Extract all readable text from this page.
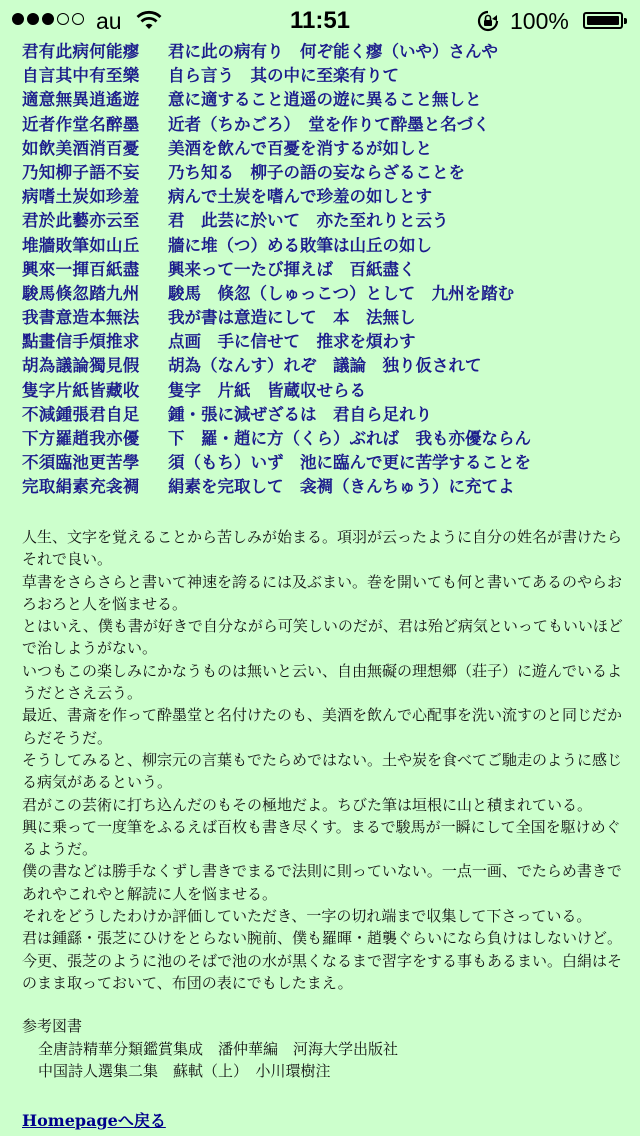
au	11:51	100%
君有此病何能瘳 君に此の病有り　何ぞ能く瘳（いや）さんや
自言其中有至樂 自ら言う　其の中に至楽有りて
適意無異逍遙遊 意に適すること逍遥の遊に異ること無しと
近者作堂名醉墨 近者（ちかごろ）　堂を作りて酔墨と名づく
如飲美酒消百憂 美酒を飲んで百憂を消するが如しと
乃知柳子語不妄 乃ち知る　柳子の語の妄ならざることを
病嗜土炭如珍羞 病んで土炭を嗜んで珍羞の如しとす
君於此藝亦云至 君　此芸に於いて　亦た至れりと云う
堆牆敗筆如山丘 牆に堆（つ）める敗筆は山丘の如し
興來一揮百紙盡 興来って一たび揮えば　百紙盡く
駿馬倏忽踏九州 駿馬　倏忽（しゅっこつ）として　九州を踏む
我書意造本無法 我が書は意造にして　本　法無し
點畫信手煩推求 点画　手に信せて　推求を煩わす
胡為議論獨見假 胡為（なんす）れぞ　議論　独り仮されて
隻字片紙皆藏收 隻字　片紙　皆蔵収せらる
不減鍾張君自足 鍾・張に減ぜざるは　君自ら足れり
下方羅趙我亦優 下　羅・趙に方（くら）ぶれば　我も亦優ならん
不須臨池更苦學 須（もち）いず　池に臨んで更に苦学することを
完取絹素充衾裯 絹素を完取して　衾裯（きんちゅう）に充てよ

人生、文字を覚えることから苦しみが始まる。項羽が云ったように自分の姓名が書けたらそれで良い。

草書をさらさらと書いて神速を誇るには及ぶまい。巻を開いても何と書いてあるのやらおろおろと人を悩ませる。

とはいえ、僕も書が好きで自分ながら可笑しいのだが、君は殆ど病気といってもいいほどで治しようがない。

いつもこの楽しみにかなうものは無いと云い、自由無礙の理想郷（荘子）に遊んでいるようだとさえ云う。

最近、書斎を作って酔墨堂と名付けたのも、美酒を飲んで心配事を洗い流すのと同じだからだそうだ。

そうしてみると、柳宗元の言葉もでたらめではない。土や炭を食べてご馳走のように感じる病気があるという。

君がこの芸術に打ち込んだのもその極地だよ。ちびた筆は垣根に山と積まれている。

興に乗って一度筆をふるえば百枚も書き尽くす。まるで駿馬が一瞬にして全国を駆けめぐるようだ。

僕の書などは勝手なくずし書きでまるで法則に則っていない。一点一画、でたらめ書きであれやこれやと解読に人を悩ませる。

それをどうしたわけか評価していただき、一字の切れ端まで収集して下さっている。

君は鍾繇・張芝にひけをとらない腕前、僕も羅暉・趙襲ぐらいになら負けはしないけど。

今更、張芝のように池のそばで池の水が黒くなるまで習字をする事もあるまい。白絹はそのまま取っておいて、布団の表にでもしたまえ。

参考図書
全唐詩精華分類鑑賞集成　潘仲華編　河海大学出版社
中国詩人選集二集　蘇軾（上）　小川環樹注
Homepageへ戻る
